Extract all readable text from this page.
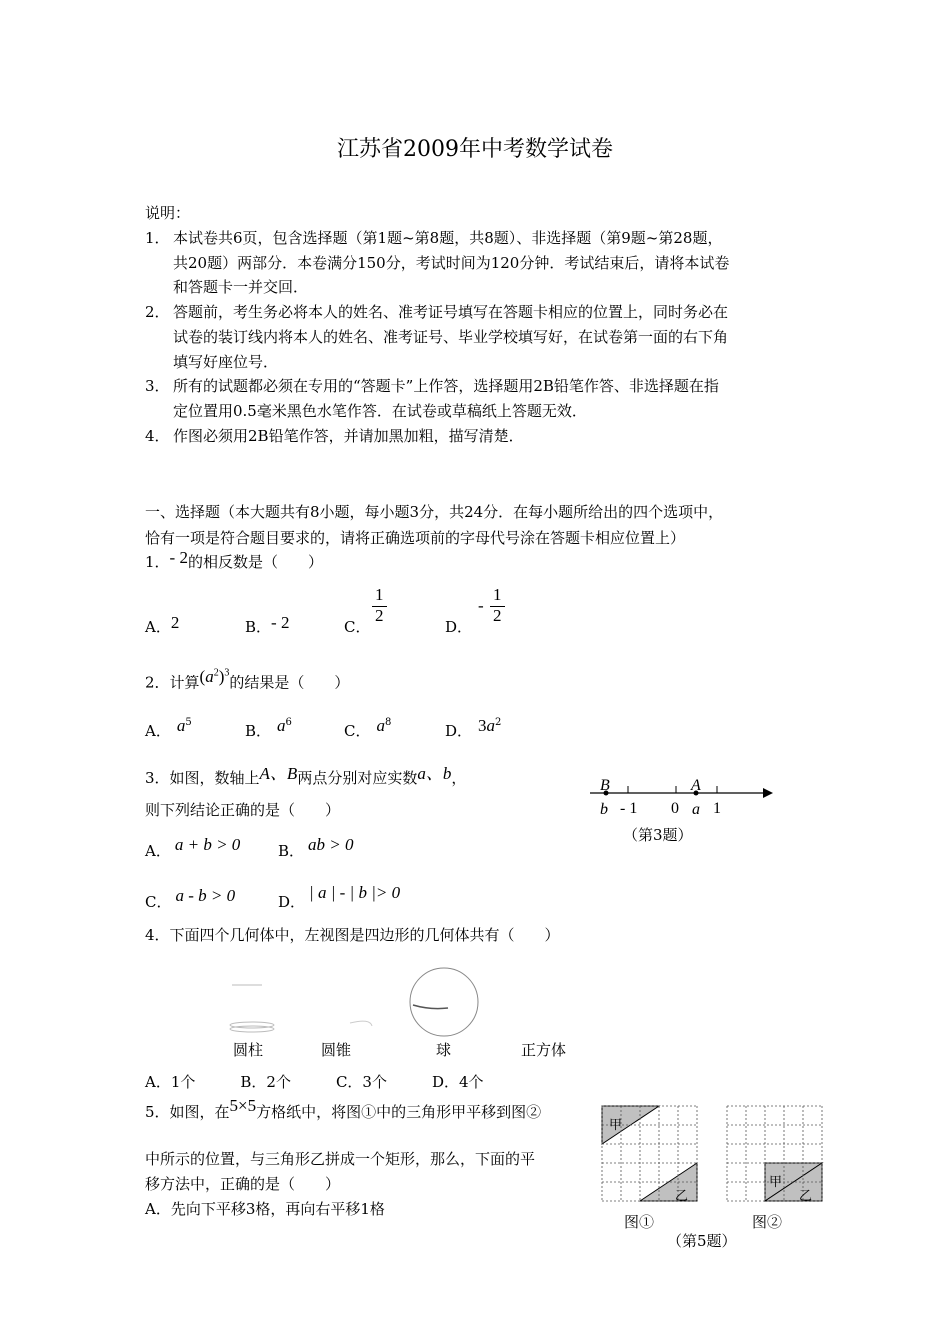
江苏省2009年中考数学试卷
说明：
1． 本试卷共6页，包含选择题（第1题~第8题，共8题）、非选择题（第9题~第28题，
共20题）两部分．本卷满分150分，考试时间为120分钟．考试结束后，请将本试卷
和答题卡一并交回．
2． 答题前，考生务必将本人的姓名、准考证号填写在答题卡相应的位置上，同时务必在
试卷的装订线内将本人的姓名、准考证号、毕业学校填写好，在试卷第一面的右下角
填写好座位号．
3． 所有的试题都必须在专用的“答题卡”上作答，选择题用2B铅笔作答、非选择题在指
定位置用0.5毫米黑色水笔作答．在试卷或草稿纸上答题无效．
4． 作图必须用2B铅笔作答，并请加黑加粗，描写清楚．
一、选择题（本大题共有8小题，每小题3分，共24分．在每小题所给出的四个选项中，
恰有一项是符合题目要求的，请将正确选项前的字母代号涂在答题卡相应位置上）
1．- 2的相反数是（　　）
A．2	B．- 2	C．
$\frac{1}{2}$
D．
- $\frac{1}{2}$
2．计算$(a^2)^3$的结果是（　　）
A． $a^5$	B． $a^6$	C． $a^8$	D． $3a^2$
3．如图，数轴上A、B两点分别对应实数a、b，
则下列结论正确的是（　　）
A． a + b > 0	B． ab > 0
C． a - b > 0	D． | a | - | b |> 0
B	A
b - 1 0 a 1
（第3题）
4．下面四个几何体中，左视图是四边形的几何体共有（　　）
圆柱	圆锥	球	正方体
A．1个　　　B．2个　　　C．3个　　　D．4个
5．如图，在5×5方格纸中，将图①中的三角形甲平移到图②
中所示的位置，与三角形乙拼成一个矩形，那么，下面的平
移方法中，正确的是（　　）
A．先向下平移3格，再向右平移1格
甲
乙
甲
乙
图①	图②
（第5题）
